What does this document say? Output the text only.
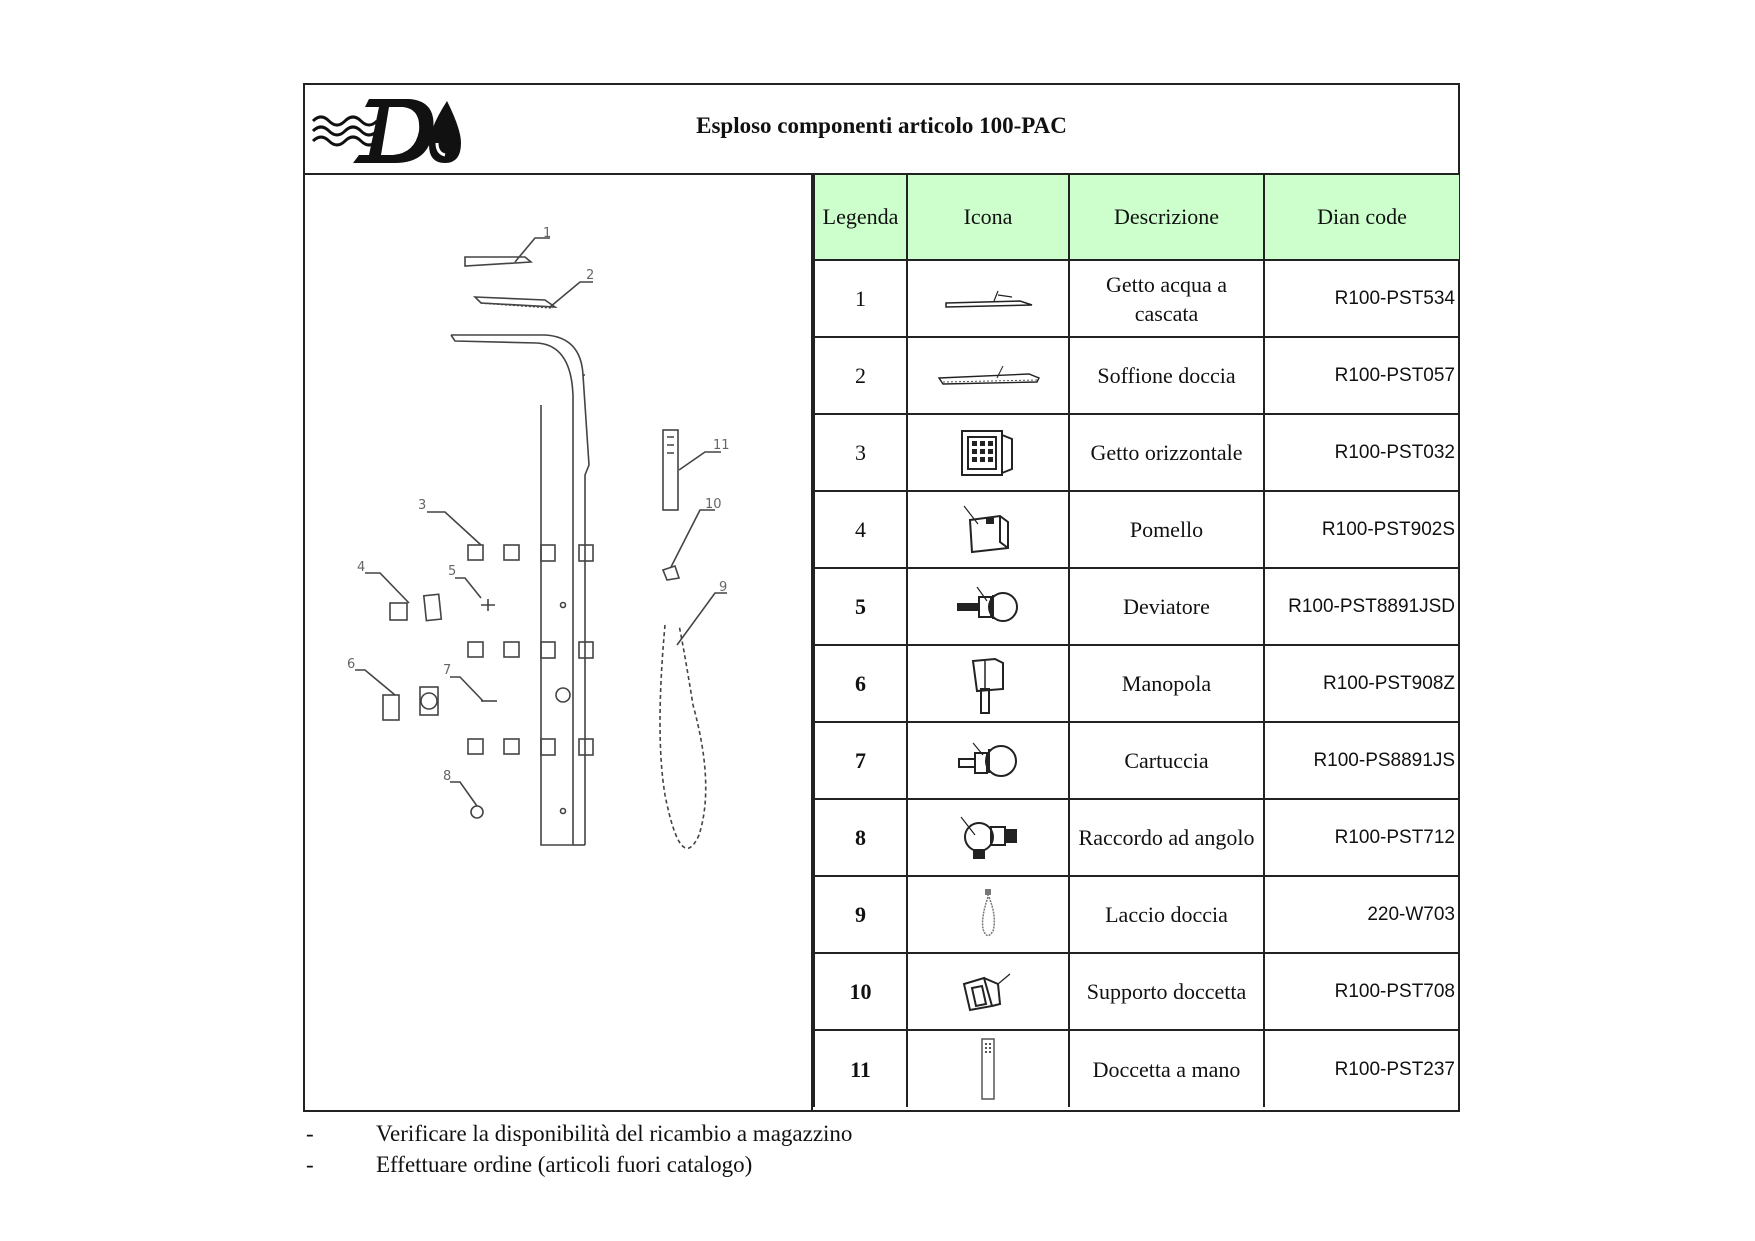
Esploso componenti articolo 100-PAC
1
2
3
4	5
6	7
8
9
10
11
Legenda	Icona	Descrizione	Dian code
1		Getto acqua a cascata	R100-PST534
2		Soffione doccia	R100-PST057
3		Getto orizzontale	R100-PST032
4		Pomello	R100-PST902S
5		Deviatore	R100-PST8891JSD
6		Manopola	R100-PST908Z
7		Cartuccia	R100-PS8891JS
8		Raccordo ad angolo	R100-PST712
9		Laccio doccia	220-W703
10		Supporto doccetta	R100-PST708
11		Doccetta a mano	R100-PST237
-	Verificare la disponibilità del ricambio a magazzino
-	Effettuare ordine (articoli fuori catalogo)
